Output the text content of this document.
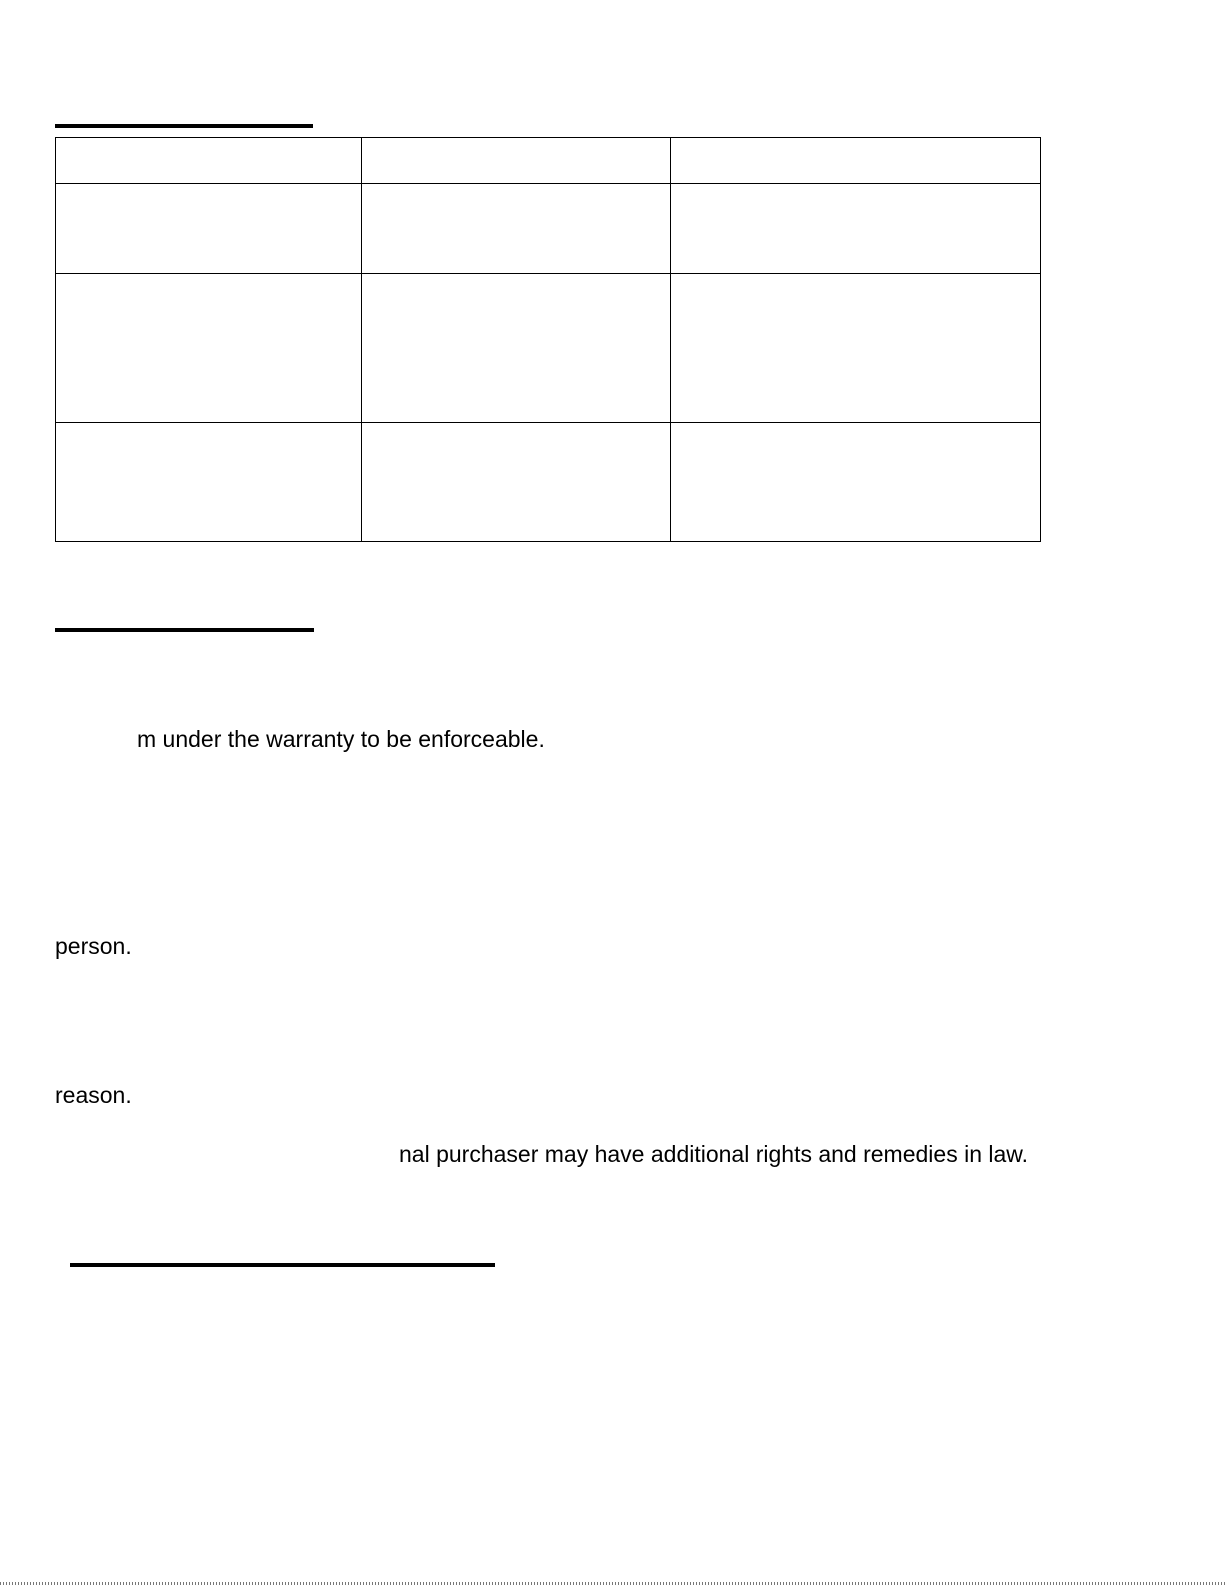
m under the warranty to be enforceable.
person.
reason.
nal purchaser may have additional rights and remedies in law.
